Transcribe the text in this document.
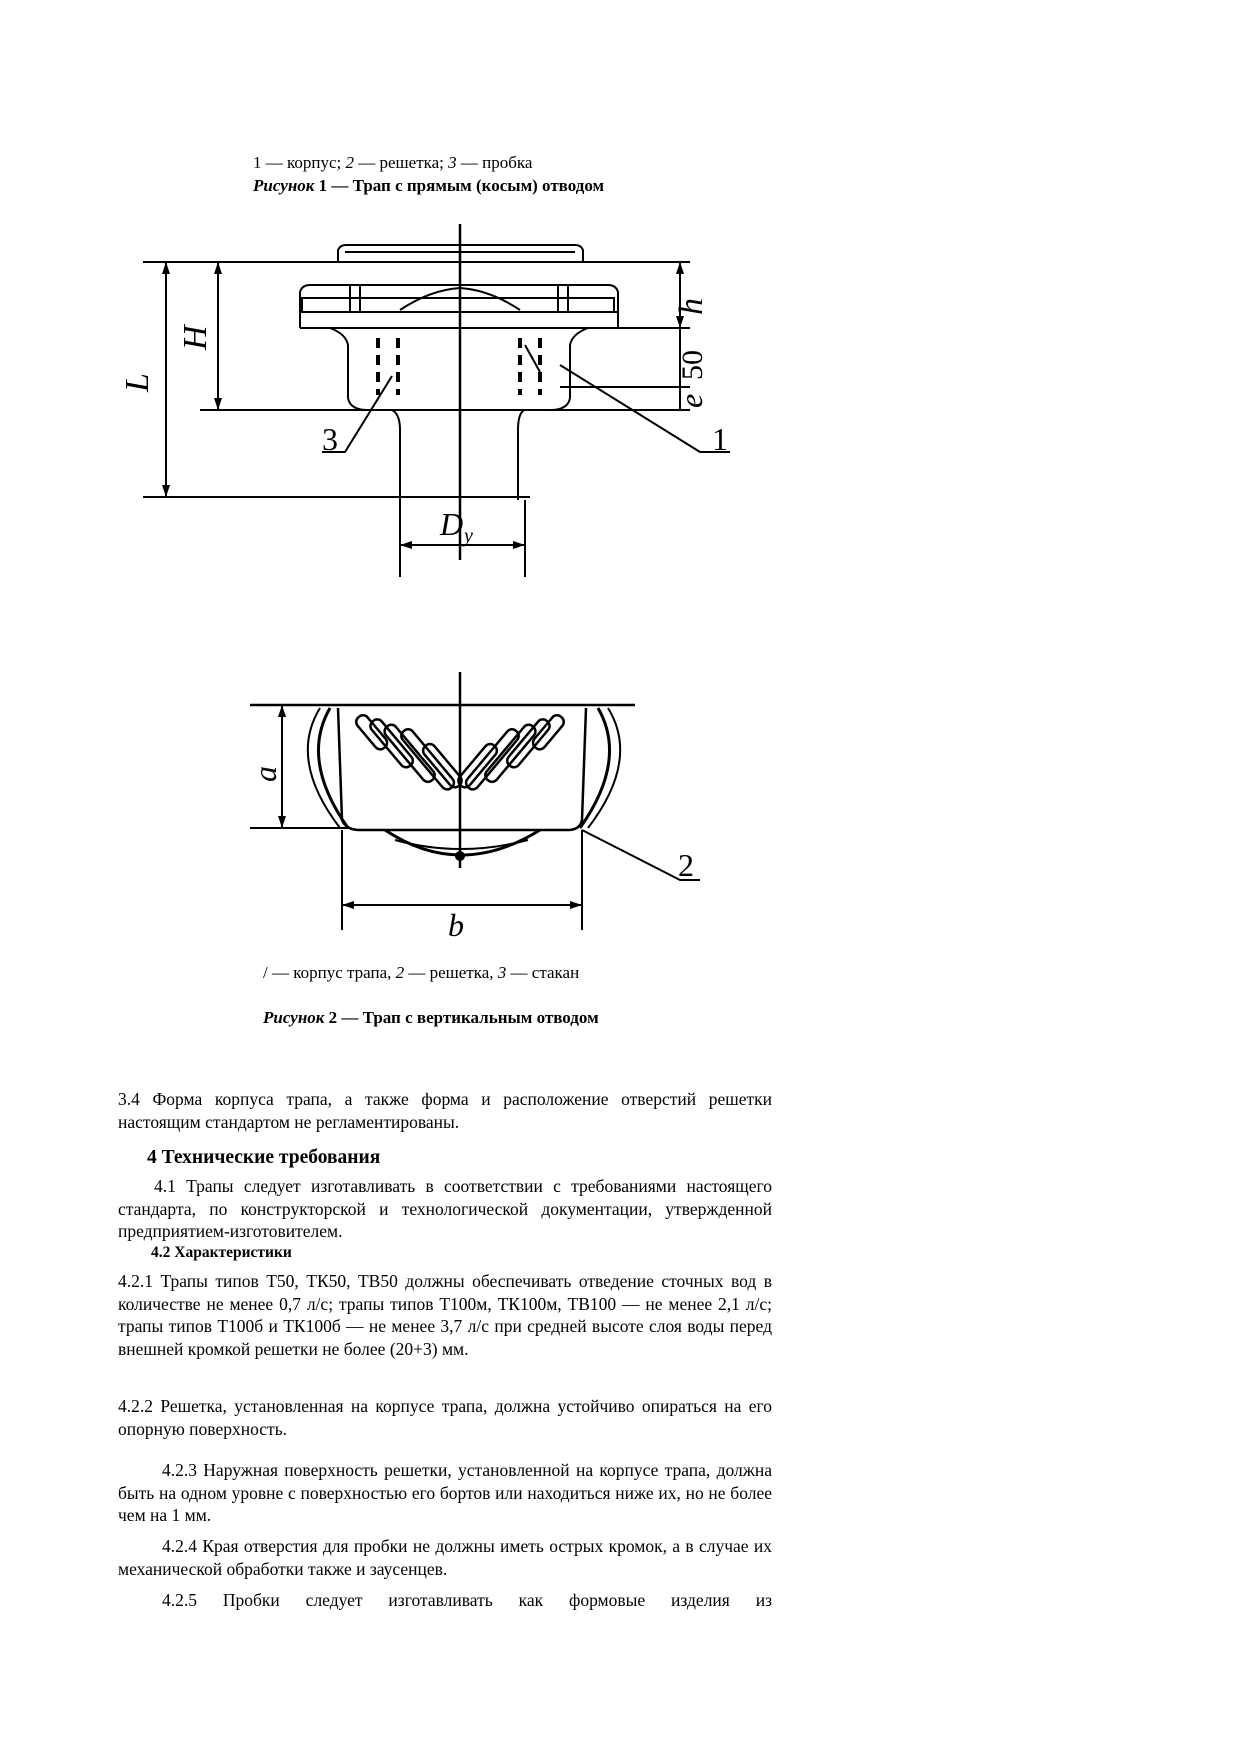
1 — корпус; 2 — решетка; 3 — пробка
Рисунок 1 — Трап с прямым (косым) отводом
L
H
h
50
e
D y
3	1
a
b
2
/ — корпус трапа, 2 — решетка, 3 — стакан
Рисунок 2 — Трап с вертикальным отводом
3.4 Форма корпуса трапа, а также форма и расположение отверстий решетки настоящим стандартом не регламентированы.
4 Технические требования
4.1 Трапы следует изготавливать в соответствии с требованиями настоящего стандарта, по конструкторской и технологической документации, утвержденной предприятием-изготовителем.
4.2 Характеристики
4.2.1 Трапы типов Т50, ТК50, ТВ50 должны обеспечивать отведение сточных вод в количестве не менее 0,7 л/с; трапы типов Т100м, ТК100м, ТВ100 — не менее 2,1 л/с; трапы типов Т100б и ТК100б — не менее 3,7 л/с при средней высоте слоя воды перед внешней кромкой решетки не более (20+3) мм.
4.2.2 Решетка, установленная на корпусе трапа, должна устойчиво опираться на его опорную поверхность.
4.2.3 Наружная поверхность решетки, установленной на корпусе трапа, должна быть на одном уровне с поверхностью его бортов или находиться ниже их, но не более чем на 1 мм.
4.2.4 Края отверстия для пробки не должны иметь острых кромок, а в случае их механической обработки также и заусенцев.
4.2.5 Пробки следует изготавливать как формовые изделия из
